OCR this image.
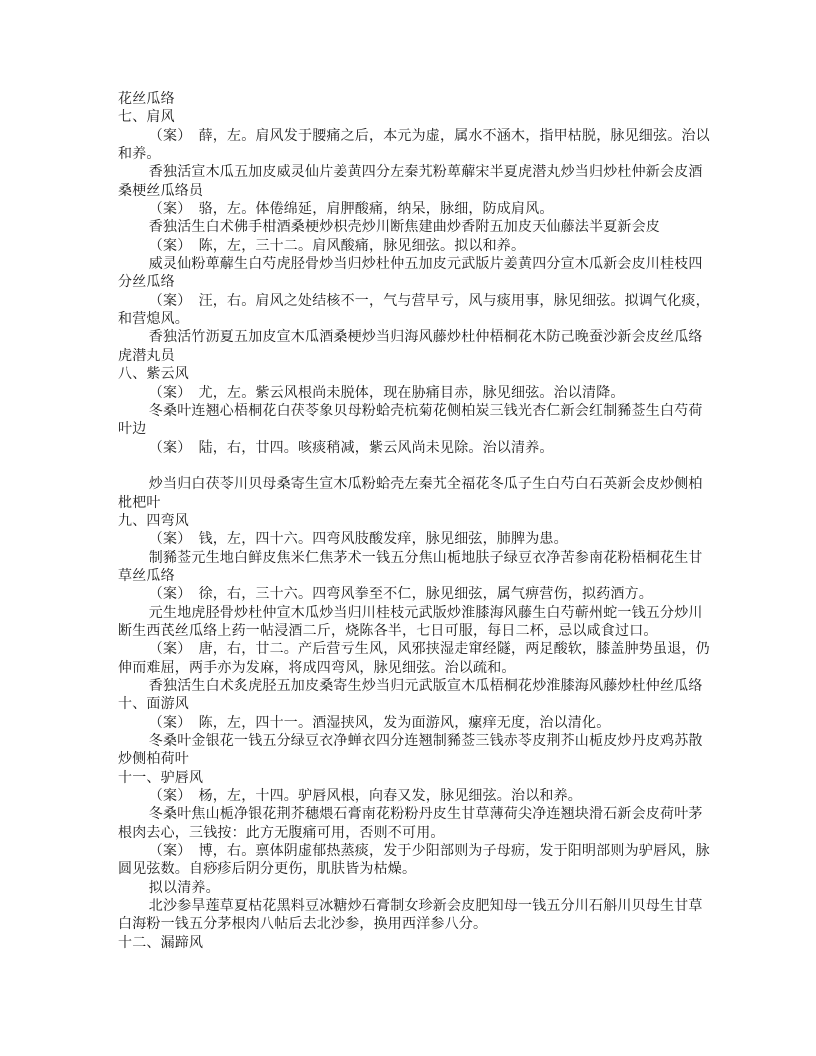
花丝瓜络
七、肩风
（案）　薛，左。肩风发于腰痛之后，本元为虚，属水不涵木，指甲枯脱，脉见细弦。治以
和养。
香独活宣木瓜五加皮威灵仙片姜黄四分左秦艽粉萆薢宋半夏虎潜丸炒当归炒杜仲新会皮酒
桑梗丝瓜络员
（案）　骆，左。体倦绵延，肩胛酸痛，纳呆，脉细，防成肩风。
香独活生白术佛手柑酒桑梗炒枳壳炒川断焦建曲炒香附五加皮天仙藤法半夏新会皮
（案）　陈，左，三十二。肩风酸痛，脉见细弦。拟以和养。
威灵仙粉萆薢生白芍虎胫骨炒当归炒杜仲五加皮元武版片姜黄四分宣木瓜新会皮川桂枝四
分丝瓜络
（案）　汪，右。肩风之处结核不一，气与营早亏，风与痰用事，脉见细弦。拟调气化痰，
和营熄风。
香独活竹沥夏五加皮宣木瓜酒桑梗炒当归海风藤炒杜仲梧桐花木防己晚蚕沙新会皮丝瓜络
虎潜丸员
八、紫云风
（案）　尤，左。紫云风根尚未脱体，现在胁痛目赤，脉见细弦。治以清降。
冬桑叶连翘心梧桐花白茯苓象贝母粉蛤壳杭菊花侧柏炭三钱光杏仁新会红制豨莶生白芍荷
叶边
（案）　陆，右，廿四。咳痰稍减，紫云风尚未见除。治以清养。
炒当归白茯苓川贝母桑寄生宣木瓜粉蛤壳左秦艽全福花冬瓜子生白芍白石英新会皮炒侧柏
枇杷叶
九、四弯风
（案）　钱，左，四十六。四弯风肢酸发痒，脉见细弦，肺脾为患。
制豨莶元生地白鲜皮焦米仁焦茅术一钱五分焦山栀地肤子绿豆衣净苦参南花粉梧桐花生甘
草丝瓜络
（案）　徐，右，三十六。四弯风拳至不仁，脉见细弦，属气痹营伤，拟药酒方。
元生地虎胫骨炒杜仲宣木瓜炒当归川桂枝元武版炒淮膝海风藤生白芍蕲州蛇一钱五分炒川
断生西芪丝瓜络上药一帖浸酒二斤，烧陈各半，七日可服，每日二杯，忌以咸食过口。
（案）　唐，右，廿二。产后营亏生风，风邪挟湿走窜经隧，两足酸软，膝盖肿势虽退，仍
伸而难屈，两手亦为发麻，将成四弯风，脉见细弦。治以疏和。
香独活生白术炙虎胫五加皮桑寄生炒当归元武版宣木瓜梧桐花炒淮膝海风藤炒杜仲丝瓜络
十、面游风
（案）　陈，左，四十一。酒湿挟风，发为面游风，瘰痒无度，治以清化。
冬桑叶金银花一钱五分绿豆衣净蝉衣四分连翘制豨莶三钱赤苓皮荆芥山栀皮炒丹皮鸡苏散
炒侧柏荷叶
十一、驴唇风
（案）　杨，左，十四。驴唇风根，向春又发，脉见细弦。治以和养。
冬桑叶焦山栀净银花荆芥穗煨石膏南花粉粉丹皮生甘草薄荷尖净连翘块滑石新会皮荷叶茅
根肉去心，三钱按：此方无腹痛可用，否则不可用。
（案）　博，右。禀体阴虚郁热蒸痰，发于少阳部则为子母疬，发于阳明部则为驴唇风，脉
圆见弦数。自痧疹后阴分更伤，肌肤皆为枯燥。
拟以清养。
北沙参旱莲草夏枯花黑料豆冰糖炒石膏制女珍新会皮肥知母一钱五分川石斛川贝母生甘草
白海粉一钱五分茅根肉八帖后去北沙参，换用西洋参八分。
十二、漏蹄风
